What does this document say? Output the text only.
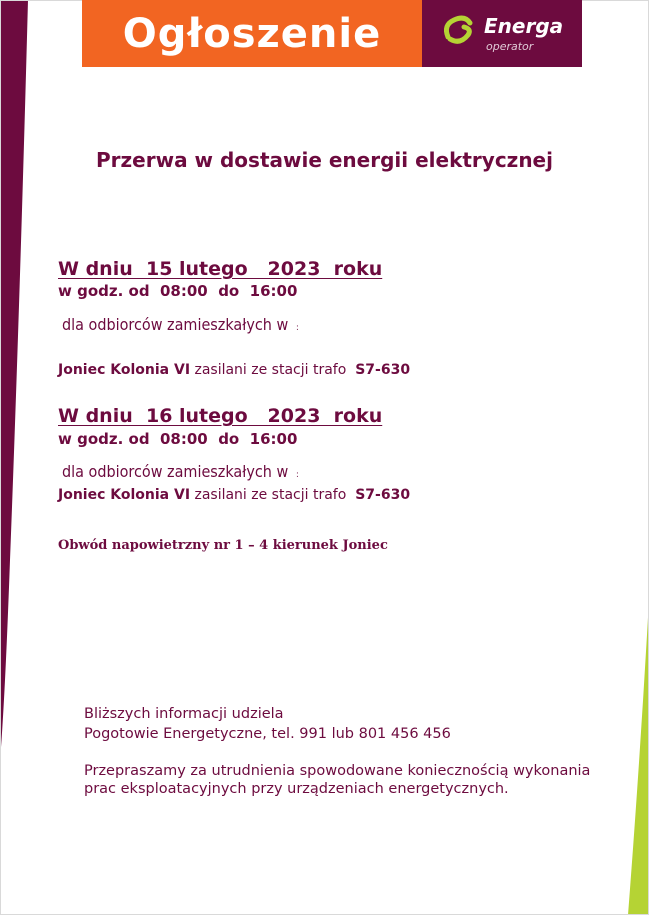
Ogłoszenie	Energa
operator
Przerwa w dostawie energii elektrycznej
W dniu  15 lutego   2023  roku
w godz. od  08:00  do  16:00
dla odbiorców zamieszkałych w :
Joniec Kolonia VI zasilani ze stacji trafo  S7-630
W dniu  16 lutego   2023  roku
w godz. od  08:00  do  16:00
dla odbiorców zamieszkałych w :
Joniec Kolonia VI zasilani ze stacji trafo  S7-630
Obwód napowietrzny nr 1 – 4 kierunek Joniec
Bliższych informacji udziela
Pogotowie Energetyczne, tel. 991 lub 801 456 456
Przepraszamy za utrudnienia spowodowane koniecznością wykonania
prac eksploatacyjnych przy urządzeniach energetycznych.
